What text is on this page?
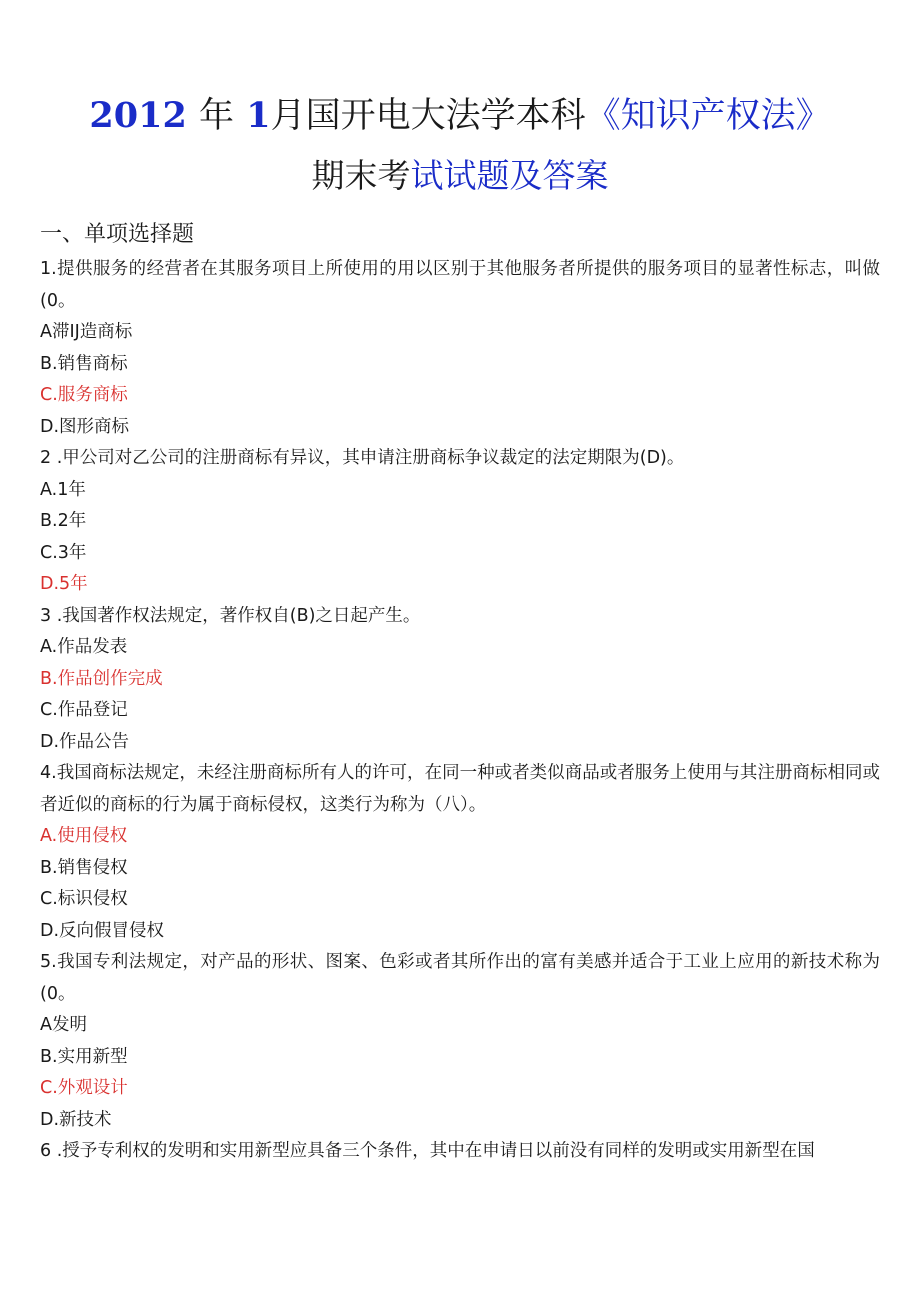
2012 年 1月国开电大法学本科《知识产权法》
期末考试试题及答案
一、单项选择题
1.提供服务的经营者在其服务项目上所使用的用以区别于其他服务者所提供的服务项目的显著性标志，叫做(0。
A滞IJ造商标
B.销售商标
C.服务商标
D.图形商标
2 .甲公司对乙公司的注册商标有异议，其申请注册商标争议裁定的法定期限为(D)。
A.1年
B.2年
C.3年
D.5年
3 .我国著作权法规定，著作权自(B)之日起产生。
A.作品发表
B.作品创作完成
C.作品登记
D.作品公告
4.我国商标法规定，未经注册商标所有人的许可，在同一种或者类似商品或者服务上使用与其注册商标相同或者近似的商标的行为属于商标侵权，这类行为称为（八）。
A.使用侵权
B.销售侵权
C.标识侵权
D.反向假冒侵权
5.我国专利法规定，对产品的形状、图案、色彩或者其所作出的富有美感并适合于工业上应用的新技术称为(0。
A发明
B.实用新型
C.外观设计
D.新技术
6 .授予专利权的发明和实用新型应具备三个条件，其中在申请日以前没有同样的发明或实用新型在国
